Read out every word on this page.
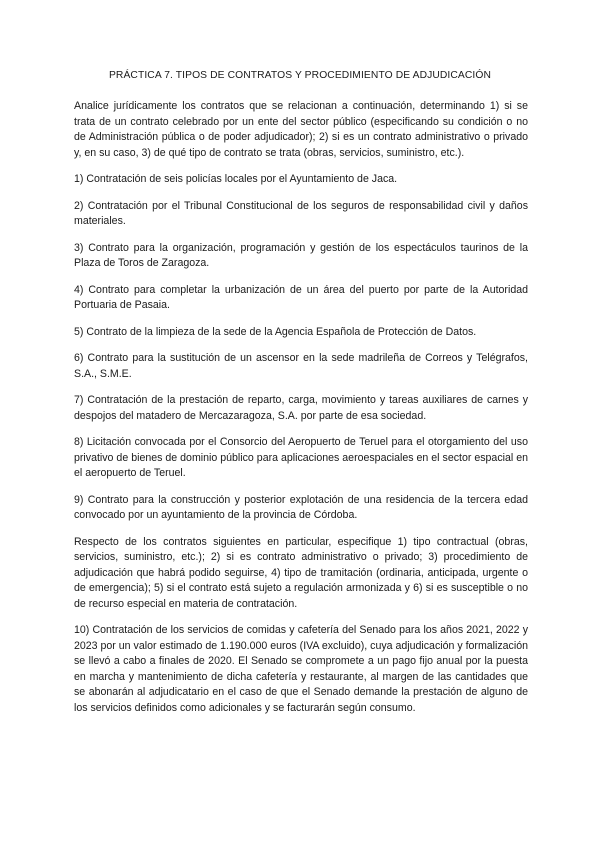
PRÁCTICA 7. TIPOS DE CONTRATOS Y PROCEDIMIENTO DE ADJUDICACIÓN

Analice jurídicamente los contratos que se relacionan a continuación, determinando 1) si se trata de un contrato celebrado por un ente del sector público (especificando su condición o no de Administración pública o de poder adjudicador); 2) si es un contrato administrativo o privado y, en su caso, 3) de qué tipo de contrato se trata (obras, servicios, suministro, etc.).

1) Contratación de seis policías locales por el Ayuntamiento de Jaca.

2) Contratación por el Tribunal Constitucional de los seguros de responsabilidad civil y daños materiales.

3) Contrato para la organización, programación y gestión de los espectáculos taurinos de la Plaza de Toros de Zaragoza.

4) Contrato para completar la urbanización de un área del puerto por parte de la Autoridad Portuaria de Pasaia.

5) Contrato de la limpieza de la sede de la Agencia Española de Protección de Datos.

6) Contrato para la sustitución de un ascensor en la sede madrileña de Correos y Telégrafos, S.A., S.M.E.

7) Contratación de la prestación de reparto, carga, movimiento y tareas auxiliares de carnes y despojos del matadero de Mercazaragoza, S.A. por parte de esa sociedad.

8) Licitación convocada por el Consorcio del Aeropuerto de Teruel para el otorgamiento del uso privativo de bienes de dominio público para aplicaciones aeroespaciales en el sector espacial en el aeropuerto de Teruel.

9) Contrato para la construcción y posterior explotación de una residencia de la tercera edad convocado por un ayuntamiento de la provincia de Córdoba.

Respecto de los contratos siguientes en particular, especifique 1) tipo contractual (obras, servicios, suministro, etc.); 2) si es contrato administrativo o privado; 3) procedimiento de adjudicación que habrá podido seguirse, 4) tipo de tramitación (ordinaria, anticipada, urgente o de emergencia); 5) si el contrato está sujeto a regulación armonizada y 6) si es susceptible o no de recurso especial en materia de contratación.

10) Contratación de los servicios de comidas y cafetería del Senado para los años 2021, 2022 y 2023 por un valor estimado de 1.190.000 euros (IVA excluido), cuya adjudicación y formalización se llevó a cabo a finales de 2020. El Senado se compromete a un pago fijo anual por la puesta en marcha y mantenimiento de dicha cafetería y restaurante, al margen de las cantidades que se abonarán al adjudicatario en el caso de que el Senado demande la prestación de alguno de los servicios definidos como adicionales y se facturarán según consumo.
